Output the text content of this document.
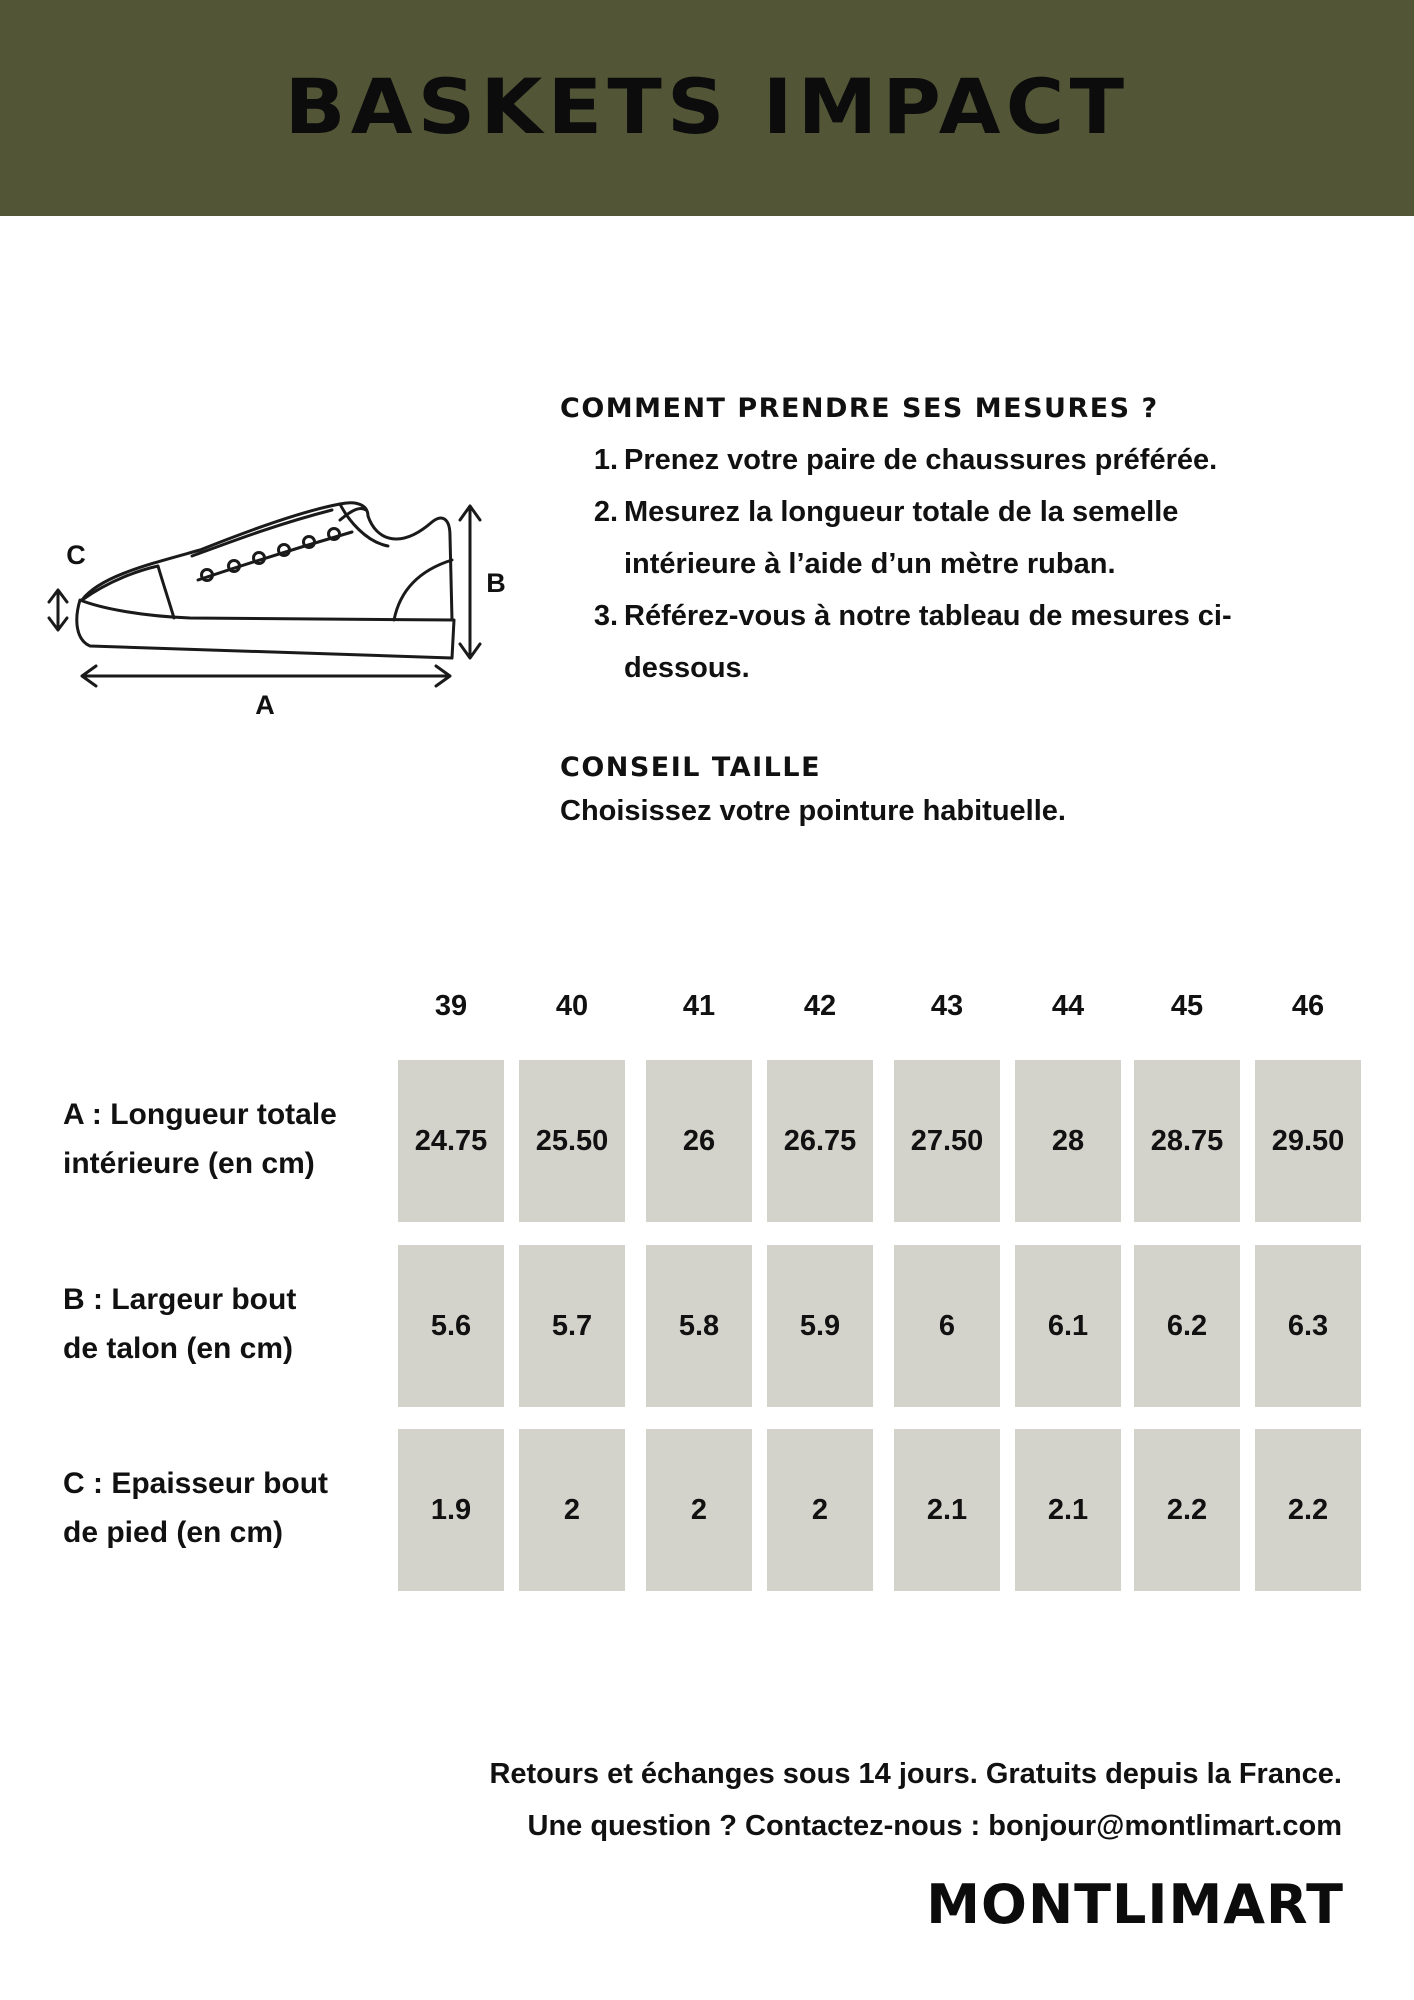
BASKETS IMPACT
A
B
C
COMMENT PRENDRE SES MESURES ?
1. Prenez votre paire de chaussures préférée.
2. Mesurez la longueur totale de la semelle intérieure à l’aide d’un mètre ruban.
3. Référez-vous à notre tableau de mesures ci-dessous.
CONSEIL TAILLE
Choisissez votre pointure habituelle.
39	40	41	42	43	44	45	46
A : Longueur totale
intérieure (en cm)
24.75	25.50	26	26.75	27.50	28	28.75	29.50
B : Largeur bout
de talon (en cm)
5.6	5.7	5.8	5.9	6	6.1	6.2	6.3
C : Epaisseur bout
de pied (en cm)
1.9	2	2	2	2.1	2.1	2.2	2.2
Retours et échanges sous 14 jours. Gratuits depuis la France.
Une question ? Contactez-nous : bonjour@montlimart.com
MONTLIMART
